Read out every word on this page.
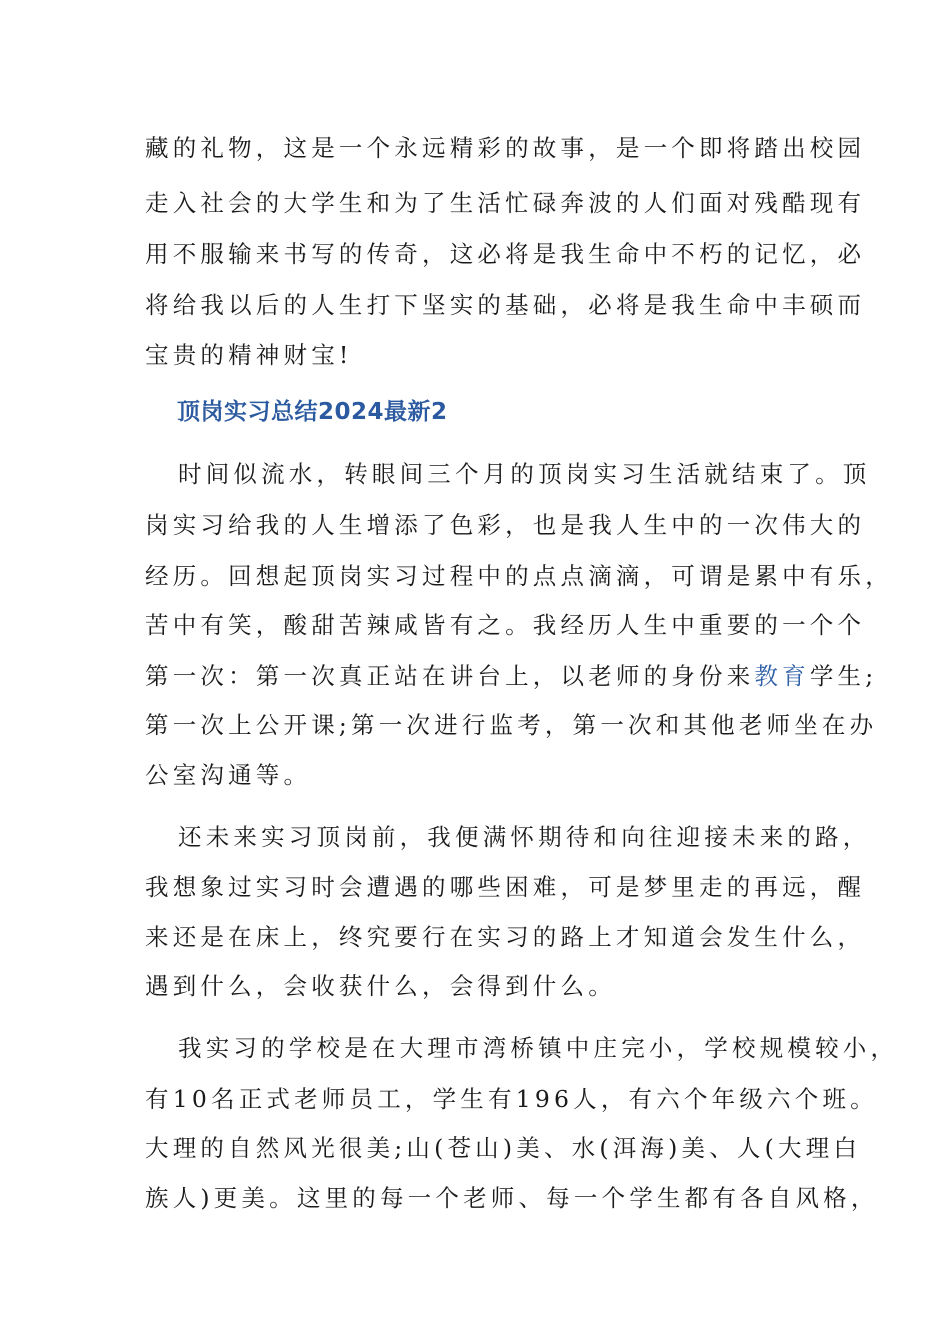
藏的礼物，这是一个永远精彩的故事，是一个即将踏出校园
走入社会的大学生和为了生活忙碌奔波的人们面对残酷现有
用不服输来书写的传奇，这必将是我生命中不朽的记忆，必
将给我以后的人生打下坚实的基础，必将是我生命中丰硕而
宝贵的精神财宝!
顶岗实习总结2024最新2
时间似流水，转眼间三个月的顶岗实习生活就结束了。顶
岗实习给我的人生增添了色彩，也是我人生中的一次伟大的
经历。回想起顶岗实习过程中的点点滴滴，可谓是累中有乐，
苦中有笑，酸甜苦辣咸皆有之。我经历人生中重要的一个个
第一次：第一次真正站在讲台上，以老师的身份来教育学生;
第一次上公开课;第一次进行监考，第一次和其他老师坐在办
公室沟通等。
还未来实习顶岗前，我便满怀期待和向往迎接未来的路，
我想象过实习时会遭遇的哪些困难，可是梦里走的再远，醒
来还是在床上，终究要行在实习的路上才知道会发生什么，
遇到什么，会收获什么，会得到什么。
我实习的学校是在大理市湾桥镇中庄完小，学校规模较小，
有10名正式老师员工，学生有196人，有六个年级六个班。
大理的自然风光很美;山(苍山)美、水(洱海)美、人(大理白
族人)更美。这里的每一个老师、每一个学生都有各自风格，
